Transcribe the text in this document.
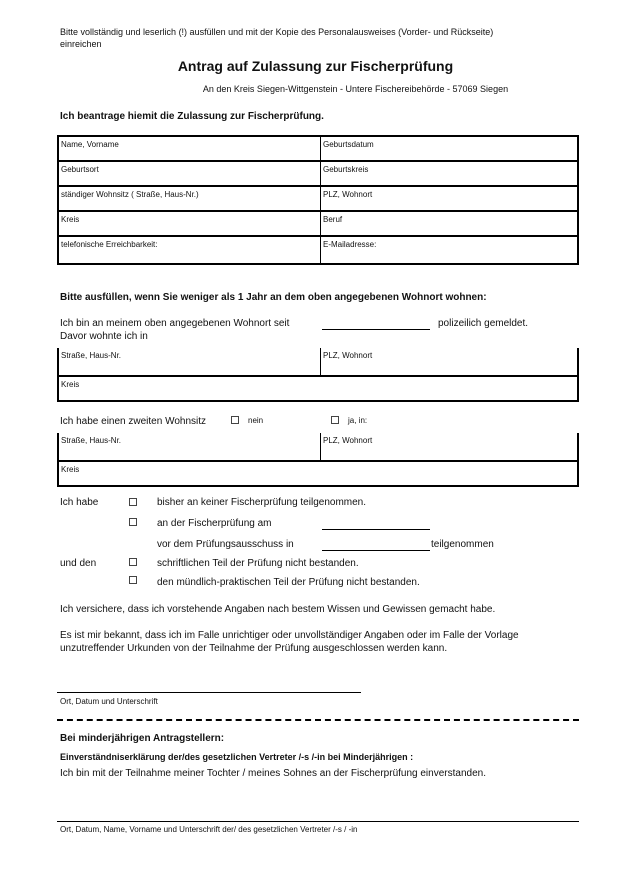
Bitte vollständig und leserlich (!) ausfüllen und mit der Kopie des Personalausweises (Vorder- und Rückseite)
einreichen
Antrag auf Zulassung zur Fischerprüfung
An den Kreis Siegen-Wittgenstein - Untere Fischereibehörde - 57069 Siegen
Ich beantrage hiemit die Zulassung zur Fischerprüfung.
Name, Vorname	Geburtsdatum
Geburtsort	Geburtskreis
ständiger Wohnsitz ( Straße, Haus-Nr.)	PLZ, Wohnort
Kreis	Beruf
telefonische Erreichbarkeit:	E-Mailadresse:
Bitte ausfüllen, wenn Sie weniger als 1 Jahr an dem oben angegebenen Wohnort wohnen:
Ich bin an meinem oben angegebenen Wohnort seit	polizeilich gemeldet.
Davor wohnte ich in
Straße, Haus-Nr.	PLZ, Wohnort
Kreis
Ich habe einen zweiten Wohnsitz	nein	ja, in:
Straße, Haus-Nr.	PLZ, Wohnort
Kreis
Ich habe	bisher an keiner Fischerprüfung teilgenommen.
an der Fischerprüfung am
vor dem Prüfungsausschuss in	teilgenommen
und den	schriftlichen Teil der Prüfung nicht bestanden.
den mündlich-praktischen Teil der Prüfung nicht bestanden.
Ich versichere, dass ich vorstehende Angaben nach bestem Wissen und Gewissen gemacht habe.
Es ist mir bekannt, dass ich im Falle unrichtiger oder unvollständiger Angaben oder im Falle der Vorlage
unzutreffender Urkunden von der Teilnahme der Prüfung ausgeschlossen werden kann.
Ort, Datum und Unterschrift
Bei minderjährigen Antragstellern:
Einverständniserklärung der/des gesetzlichen Vertreter /-s /-in bei Minderjährigen :
Ich bin mit der Teilnahme meiner Tochter / meines Sohnes an der Fischerprüfung einverstanden.
Ort, Datum, Name, Vorname und Unterschrift der/ des gesetzlichen Vertreter /-s / -in
